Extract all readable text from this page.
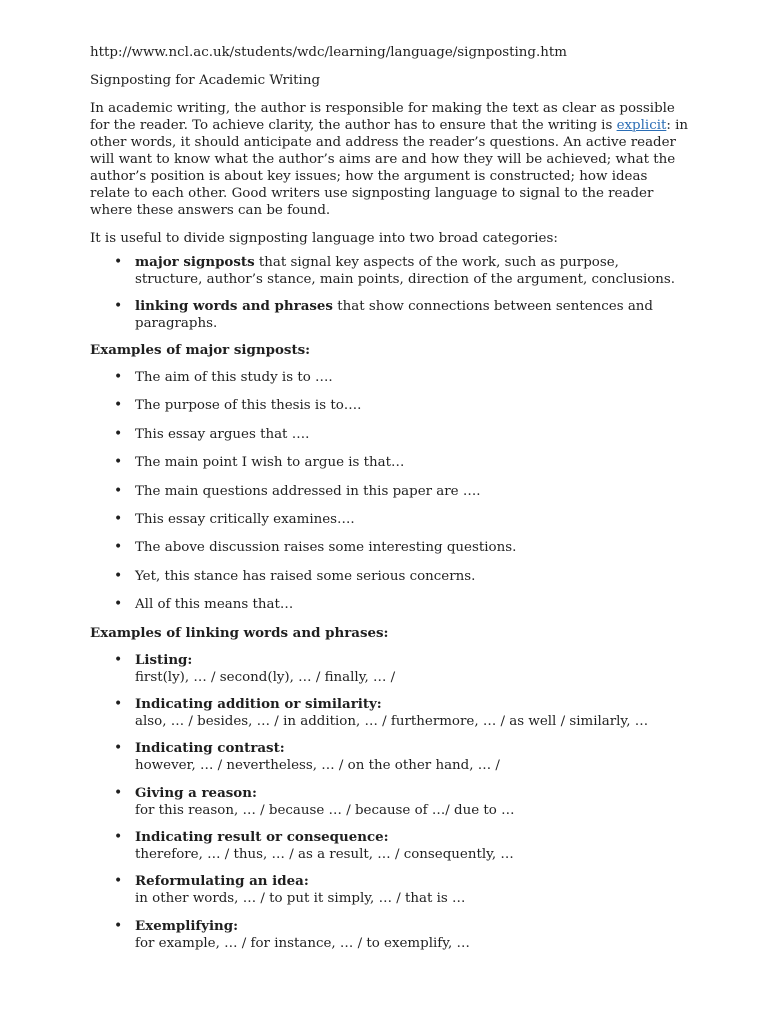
http://www.ncl.ac.uk/students/wdc/learning/language/signposting.htm

Signposting for Academic Writing

In academic writing, the author is responsible for making the text as clear as possible for the reader. To achieve clarity, the author has to ensure that the writing is explicit: in other words, it should anticipate and address the reader’s questions. An active reader will want to know what the author’s aims are and how they will be achieved; what the author’s position is about key issues; how the argument is constructed; how ideas relate to each other. Good writers use signposting language to signal to the reader where these answers can be found.

It is useful to divide signposting language into two broad categories:

• major signposts that signal key aspects of the work, such as purpose, structure, author’s stance, main points, direction of the argument, conclusions.
• linking words and phrases that show connections between sentences and paragraphs.

Examples of major signposts:

• The aim of this study is to ….
• The purpose of this thesis is to….
• This essay argues that ….
• The main point I wish to argue is that…
• The main questions addressed in this paper are ….
• This essay critically examines….
• The above discussion raises some interesting questions.
• Yet, this stance has raised some serious concerns.
• All of this means that…

Examples of linking words and phrases:

• Listing:
first(ly), … / second(ly), … / finally, … /
• Indicating addition or similarity:
also, … / besides, … / in addition, … / furthermore, … / as well / similarly, …
• Indicating contrast:
however, … / nevertheless, … / on the other hand, … /
• Giving a reason:
for this reason, … / because … / because of …/ due to …
• Indicating result or consequence:
therefore, … / thus, … / as a result, … / consequently, …
• Reformulating an idea:
in other words, … / to put it simply, … / that is …
• Exemplifying:
for example, … / for instance, … / to exemplify, …
